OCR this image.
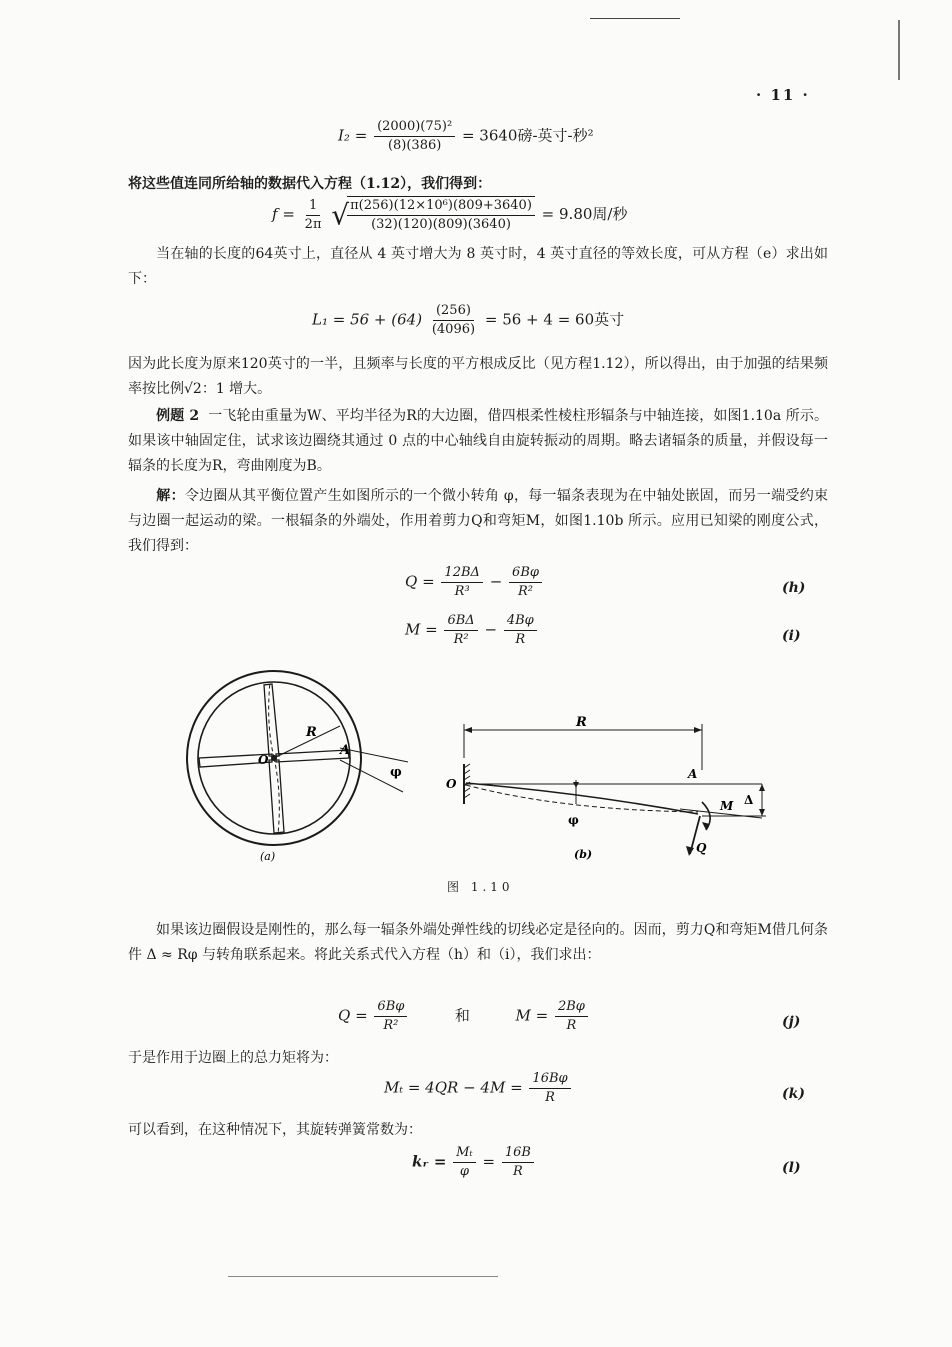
· 11 ·
$I_2 = \frac{\text{(2000)(75)²}}{(8)(386)} = 3640$磅-英寸-秒²
将这些值连同所给轴的数据代入方程（1.12），我们得到：
$f = \frac{1}{2\pi}$ √
$\frac{\text{π(256)(12×10⁶)(809+3640)}}{(32)(120)(809)(3640)} = 9.80$周/秒
当在轴的长度的64英寸上，直径从 4 英寸增大为 8 英寸时，4 英寸直径的等效长度，可从方程（e）求出如下：
$L_1 = 56 + (64) \frac{(256)}{(4096)} = 56 + 4 = 60$英寸
因为此长度为原来120英寸的一半，且频率与长度的平方根成反比（见方程1.12），所以得出，由于加强的结果频率按比例√2：1 增大。
例题 2 一飞轮由重量为W、平均半径为R的大边圈，借四根柔性棱柱形辐条与中轴连接，如图1.10a 所示。如果该中轴固定住，试求该边圈绕其通过 0 点的中心轴线自由旋转振动的周期。略去诸辐条的质量，并假设每一辐条的长度为R，弯曲刚度为B。
解：令边圈从其平衡位置产生如图所示的一个微小转角 φ，每一辐条表现为在中轴处嵌固，而另一端受约束与边圈一起运动的梁。一根辐条的外端处，作用着剪力Q和弯矩M，如图1.10b 所示。应用已知梁的刚度公式，我们得到：
$Q = \frac{12B\Delta}{\text{R³}} - \frac{6B\varphi}{\text{R²}}$	(h)
$M = \frac{6B\Delta}{\text{R²}} - \frac{4B\varphi}{R}$	(i)
R
A
O
φ
(a)
R
O
A
φ
M
Q
Δ
(b)
图 1.10
如果该边圈假设是刚性的，那么每一辐条外端处弹性线的切线必定是径向的。因而，剪力Q和弯矩M借几何条件 Δ ≈ Rφ 与转角联系起来。将此关系式代入方程（h）和（i），我们求出：
$Q = \frac{6B\varphi}{\text{R²}}$	和	$M = \frac{2B\varphi}{R}$	(j)
于是作用于边圈上的总力矩将为：
$M_t = 4QR - 4M = \frac{16B\varphi}{R}$	(k)
可以看到，在这种情况下，其旋转弹簧常数为：
kᵣ = $\frac{\text{Mₜ}}{\varphi} = \frac{16B}{R}$	(l)
